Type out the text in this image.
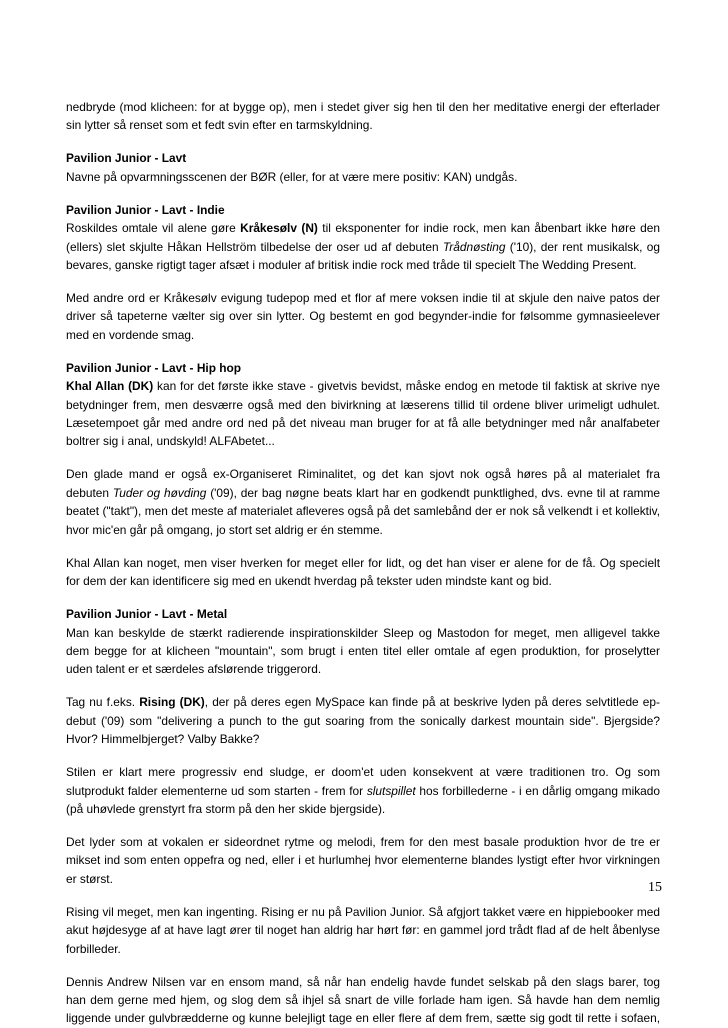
nedbryde (mod klicheen: for at bygge op), men i stedet giver sig hen til den her meditative energi der efterlader
sin lytter så renset som et fedt svin efter en tarmskyldning.
Pavilion Junior - Lavt
Navne på opvarmningsscenen der BØR (eller, for at være mere positiv: KAN) undgås.
Pavilion Junior - Lavt - Indie
Roskildes omtale vil alene gøre Kråkesølv (N) til eksponenter for indie rock, men kan åbenbart ikke høre den
(ellers) slet skjulte Håkan Hellström tilbedelse der oser ud af debuten Trådnøsting ('10), der rent musikalsk, og
bevares, ganske rigtigt tager afsæt i moduler af britisk indie rock med tråde til specielt The Wedding Present.
Med andre ord er Kråkesølv evigung tudepop med et flor af mere voksen indie til at skjule den naive patos der
driver så tapeterne vælter sig over sin lytter. Og bestemt en god begynder-indie for følsomme gymnasieelever
med en vordende smag.
Pavilion Junior - Lavt - Hip hop
Khal Allan (DK) kan for det første ikke stave - givetvis bevidst, måske endog en metode til faktisk at skrive nye
betydninger frem, men desværre også med den bivirkning at læserens tillid til ordene bliver urimeligt udhulet.
Læsetempoet går med andre ord ned på det niveau man bruger for at få alle betydninger med når analfabeter
boltrer sig i anal, undskyld! ALFAbetet...
Den glade mand er også ex-Organiseret Riminalitet, og det kan sjovt nok også høres på al materialet fra
debuten Tuder og høvding ('09), der bag nøgne beats klart har en godkendt punktlighed, dvs. evne til at ramme
beatet ("takt"), men det meste af materialet afleveres også på det samlebånd der er nok så velkendt i et kollektiv,
hvor mic'en går på omgang, jo stort set aldrig er én stemme.
Khal Allan kan noget, men viser hverken for meget eller for lidt, og det han viser er alene for de få. Og specielt
for dem der kan identificere sig med en ukendt hverdag på tekster uden mindste kant og bid.
Pavilion Junior - Lavt - Metal
Man kan beskylde de stærkt radierende inspirationskilder Sleep og Mastodon for meget, men alligevel takke
dem begge for at klicheen "mountain", som brugt i enten titel eller omtale af egen produktion, for proselytter
uden talent er et særdeles afslørende triggerord.
Tag nu f.eks. Rising (DK), der på deres egen MySpace kan finde på at beskrive lyden på deres selvtitlede ep-
debut ('09) som "delivering a punch to the gut soaring from the sonically darkest mountain side". Bjergside?
Hvor? Himmelbjerget? Valby Bakke?
Stilen er klart mere progressiv end sludge, er doom'et uden konsekvent at være traditionen tro. Og som
slutprodukt falder elementerne ud som starten - frem for slutspillet hos forbillederne - i en dårlig omgang mikado
(på uhøvlede grenstyrt fra storm på den her skide bjergside).
Det lyder som at vokalen er sideordnet rytme og melodi, frem for den mest basale produktion hvor de tre er
mikset ind som enten oppefra og ned, eller i et hurlumhej hvor elementerne blandes lystigt efter hvor virkningen
er størst.
Rising vil meget, men kan ingenting. Rising er nu på Pavilion Junior. Så afgjort takket være en hippiebooker med
akut højdesyge af at have lagt ører til noget han aldrig har hørt før: en gammel jord trådt flad af de helt åbenlyse
forbilleder.
Dennis Andrew Nilsen var en ensom mand, så når han endelig havde fundet selskab på den slags barer, tog
han dem gerne med hjem, og slog dem så ihjel så snart de ville forlade ham igen. Så havde han dem nemlig
liggende under gulvbrædderne og kunne belejligt tage en eller flere af dem frem, sætte sig godt til rette i sofaen,
15
